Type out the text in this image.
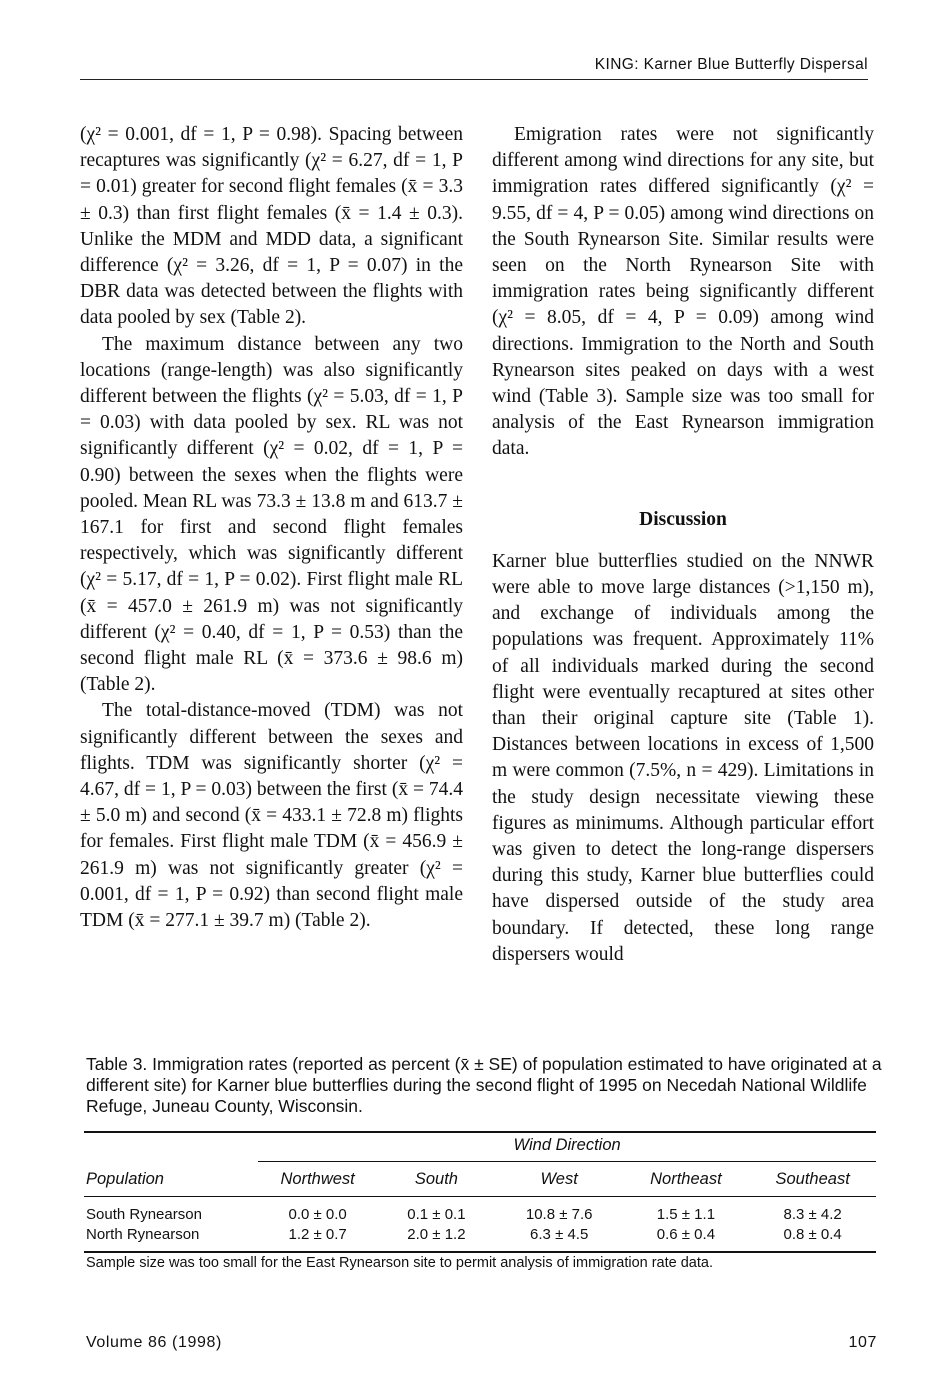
KING: Karner Blue Butterfly Dispersal

(χ² = 0.001, df = 1, P = 0.98). Spacing between recaptures was significantly (χ² = 6.27, df = 1, P = 0.01) greater for second flight females (x̄ = 3.3 ± 0.3) than first flight females (x̄ = 1.4 ± 0.3). Unlike the MDM and MDD data, a significant difference (χ² = 3.26, df = 1, P = 0.07) in the DBR data was detected between the flights with data pooled by sex (Table 2).

The maximum distance between any two locations (range-length) was also significantly different between the flights (χ² = 5.03, df = 1, P = 0.03) with data pooled by sex. RL was not significantly different (χ² = 0.02, df = 1, P = 0.90) between the sexes when the flights were pooled. Mean RL was 73.3 ± 13.8 m and 613.7 ± 167.1 for first and second flight females respectively, which was significantly different (χ² = 5.17, df = 1, P = 0.02). First flight male RL (x̄ = 457.0 ± 261.9 m) was not significantly different (χ² = 0.40, df = 1, P = 0.53) than the second flight male RL (x̄ = 373.6 ± 98.6 m) (Table 2).

The total-distance-moved (TDM) was not significantly different between the sexes and flights. TDM was significantly shorter (χ² = 4.67, df = 1, P = 0.03) between the first (x̄ = 74.4 ± 5.0 m) and second (x̄ = 433.1 ± 72.8 m) flights for females. First flight male TDM (x̄ = 456.9 ± 261.9 m) was not significantly greater (χ² = 0.001, df = 1, P = 0.92) than second flight male TDM (x̄ = 277.1 ± 39.7 m) (Table 2).

Emigration rates were not significantly different among wind directions for any site, but immigration rates differed significantly (χ² = 9.55, df = 4, P = 0.05) among wind directions on the South Rynearson Site. Similar results were seen on the North Rynearson Site with immigration rates being significantly different (χ² = 8.05, df = 4, P = 0.09) among wind directions. Immigration to the North and South Rynearson sites peaked on days with a west wind (Table 3). Sample size was too small for analysis of the East Rynearson immigration data.

Discussion

Karner blue butterflies studied on the NNWR were able to move large distances (>1,150 m), and exchange of individuals among the populations was frequent. Approximately 11% of all individuals marked during the second flight were eventually recaptured at sites other than their original capture site (Table 1). Distances between locations in excess of 1,500 m were common (7.5%, n = 429). Limitations in the study design necessitate viewing these figures as minimums. Although particular effort was given to detect the long-range dispersers during this study, Karner blue butterflies could have dispersed outside of the study area boundary. If detected, these long range dispersers would

Table 3. Immigration rates (reported as percent (x̄ ± SE) of population estimated to have originated at a different site) for Karner blue butterflies during the second flight of 1995 on Necedah National Wildlife Refuge, Juneau County, Wisconsin.
	Wind Direction				
Population	Northwest	South	West	Northeast	Southeast
South Rynearson	0.0 ± 0.0	0.1 ± 0.1	10.8 ± 7.6	1.5 ± 1.1	8.3 ± 4.2
North Rynearson	1.2 ± 0.7	2.0 ± 1.2	6.3 ± 4.5	0.6 ± 0.4	0.8 ± 0.4
Sample size was too small for the East Rynearson site to permit analysis of immigration rate data.
Volume 86 (1998)	107
